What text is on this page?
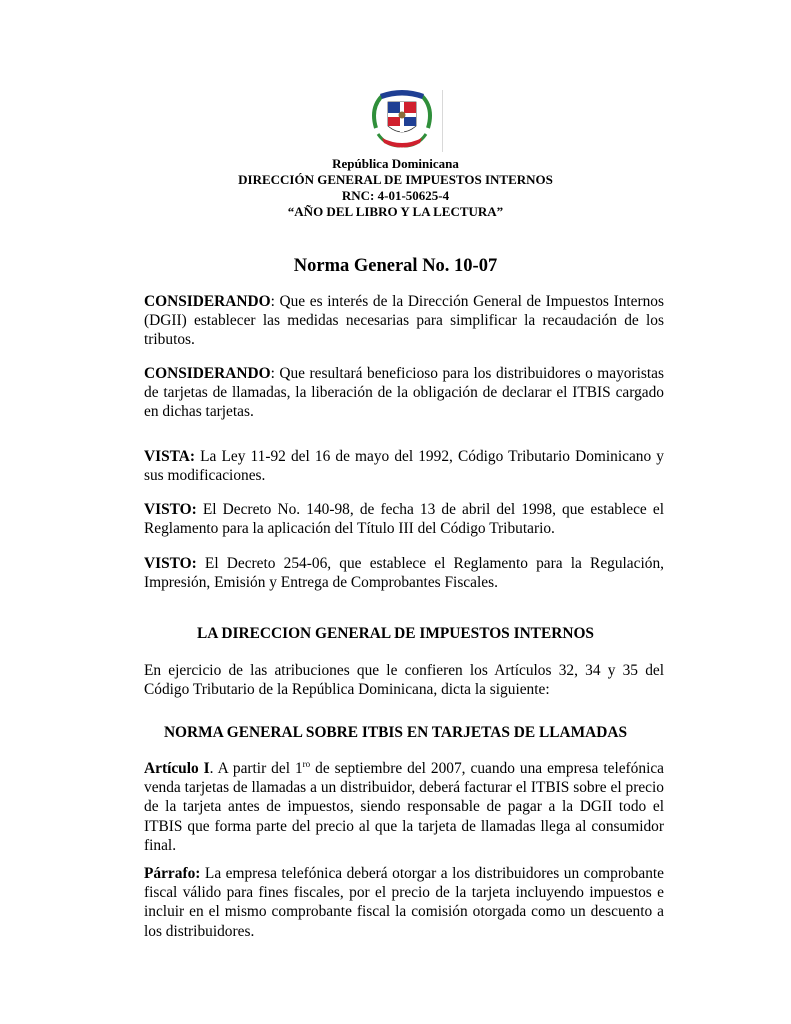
República Dominicana
DIRECCIÓN GENERAL DE IMPUESTOS INTERNOS
RNC: 4-01-50625-4
“AÑO DEL LIBRO Y LA LECTURA”
Norma General No. 10-07
CONSIDERANDO: Que es interés de la Dirección General de Impuestos Internos (DGII) establecer las medidas necesarias para simplificar la recaudación de los tributos.
CONSIDERANDO: Que resultará beneficioso para los distribuidores o mayoristas de tarjetas de llamadas, la liberación de la obligación de declarar el ITBIS cargado en dichas tarjetas.
VISTA: La Ley 11-92 del 16 de mayo del 1992, Código Tributario Dominicano y sus modificaciones.
VISTO: El Decreto No. 140-98, de fecha 13 de abril del 1998, que establece el Reglamento para la aplicación del Título III del Código Tributario.
VISTO: El Decreto 254-06, que establece el Reglamento para la Regulación, Impresión, Emisión y Entrega de Comprobantes Fiscales.
LA DIRECCION GENERAL DE IMPUESTOS INTERNOS
En ejercicio de las atribuciones que le confieren los Artículos 32, 34 y 35 del Código Tributario de la República Dominicana, dicta la siguiente:
NORMA GENERAL SOBRE ITBIS EN TARJETAS DE LLAMADAS
Artículo I. A partir del $1^{ro}$ de septiembre del 2007, cuando una empresa telefónica venda tarjetas de llamadas a un distribuidor, deberá facturar el ITBIS sobre el precio de la tarjeta antes de impuestos, siendo responsable de pagar a la DGII todo el ITBIS que forma parte del precio al que la tarjeta de llamadas llega al consumidor final.
Párrafo: La empresa telefónica deberá otorgar a los distribuidores un comprobante fiscal válido para fines fiscales, por el precio de la tarjeta incluyendo impuestos e incluir en el mismo comprobante fiscal la comisión otorgada como un descuento a los distribuidores.
